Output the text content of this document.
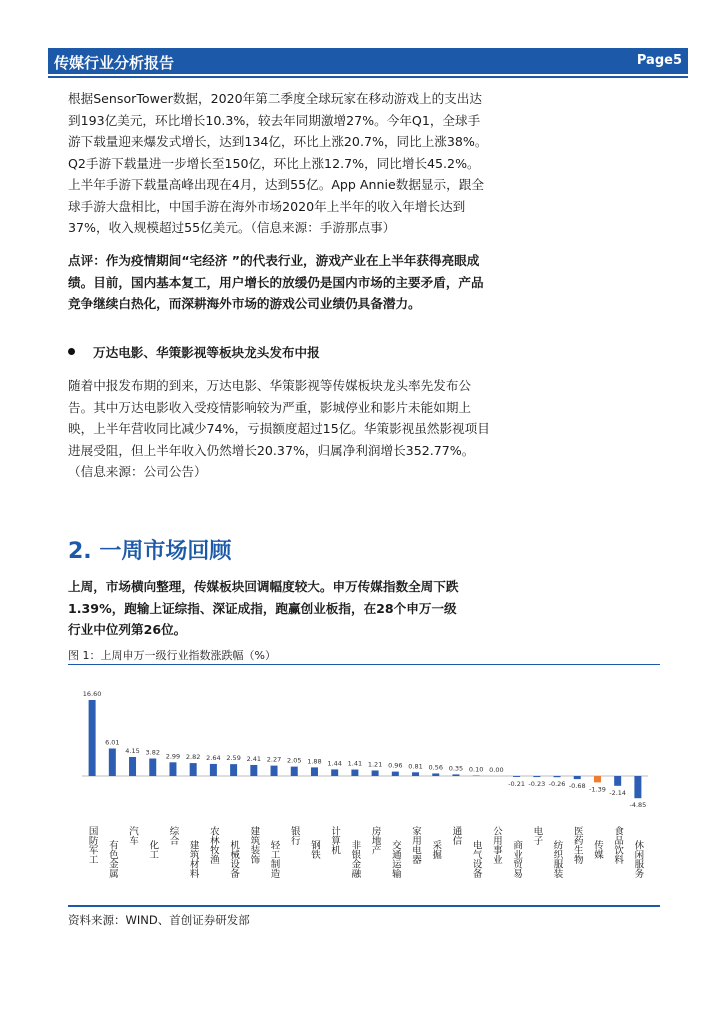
传媒行业分析报告	Page5

根据SensorTower数据，2020年第二季度全球玩家在移动游戏上的支出达到193亿美元，环比增长10.3%，较去年同期激增27%。今年Q1，全球手游下载量迎来爆发式增长，达到134亿，环比上涨20.7%，同比上涨38%。Q2手游下载量进一步增长至150亿，环比上涨12.7%，同比增长45.2%。上半年手游下载量高峰出现在4月，达到55亿。App Annie数据显示，跟全球手游大盘相比，中国手游在海外市场2020年上半年的收入年增长达到37%，收入规模超过55亿美元。（信息来源：手游那点事）

点评：作为疫情期间“宅经济 ”的代表行业，游戏产业在上半年获得亮眼成绩。目前，国内基本复工，用户增长的放缓仍是国内市场的主要矛盾，产品竞争继续白热化，而深耕海外市场的游戏公司业绩仍具备潜力。

万达电影、华策影视等板块龙头发布中报

随着中报发布期的到来，万达电影、华策影视等传媒板块龙头率先发布公告。其中万达电影收入受疫情影响较为严重，影城停业和影片未能如期上映，上半年营收同比减少74%，亏损额度超过15亿。华策影视虽然影视项目进展受阻，但上半年收入仍然增长20.37%，归属净利润增长352.77%。（信息来源：公司公告）

2. 一周市场回顾

上周，市场横向整理，传媒板块回调幅度较大。申万传媒指数全周下跌1.39%，跑输上证综指、深证成指，跑赢创业板指，在28个申万一级行业中位列第26位。

图 1：上周申万一级行业指数涨跌幅（%）
16.60
国防军工
6.01
有色金属
4.15
汽车
3.82
化工
2.99
综合
2.82
建筑材料
2.64
农林牧渔
2.59
机械设备
2.41
建筑装饰
2.27
轻工制造
2.05
银行
1.88
钢铁
1.44
计算机
1.41
非银金融
1.21
房地产
0.96
交通运输
0.81
家用电器
0.56
采掘
0.35
通信
0.10
电气设备
0.00
公用事业
-0.21
商业贸易
-0.23
电子
-0.26
纺织服装
-0.68
医药生物
-1.39
传媒
-2.14
食品饮料
-4.85
休闲服务
资料来源：WIND、首创证券研发部
